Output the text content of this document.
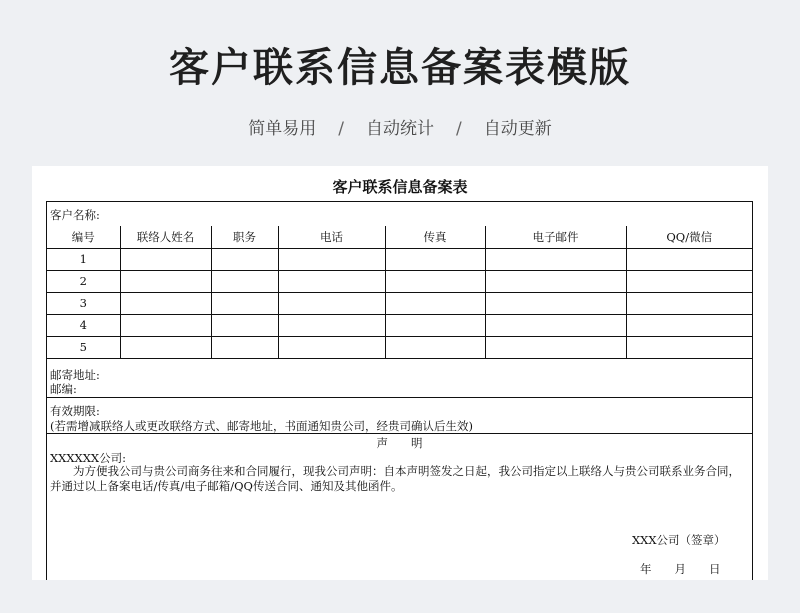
客户联系信息备案表模版
简单易用 / 自动统计 / 自动更新
客户联系信息备案表
客户名称:
编号	联络人姓名	职务	电话	传真	电子邮件	QQ/微信
1						
2						
3						
4						
5						
邮寄地址:
邮编:
有效期限:
(若需增减联络人或更改联络方式、邮寄地址，书面通知贵公司，经贵司确认后生效)
声　　明
XXXXXX公司:
为方便我公司与贵公司商务往来和合同履行，现我公司声明：自本声明签发之日起，我公司指定以上联络人与贵公司联系业务合同，并通过以上备案电话/传真/电子邮箱/QQ传送合同、通知及其他函件。
XXX公司（签章）
年　　月　　日
